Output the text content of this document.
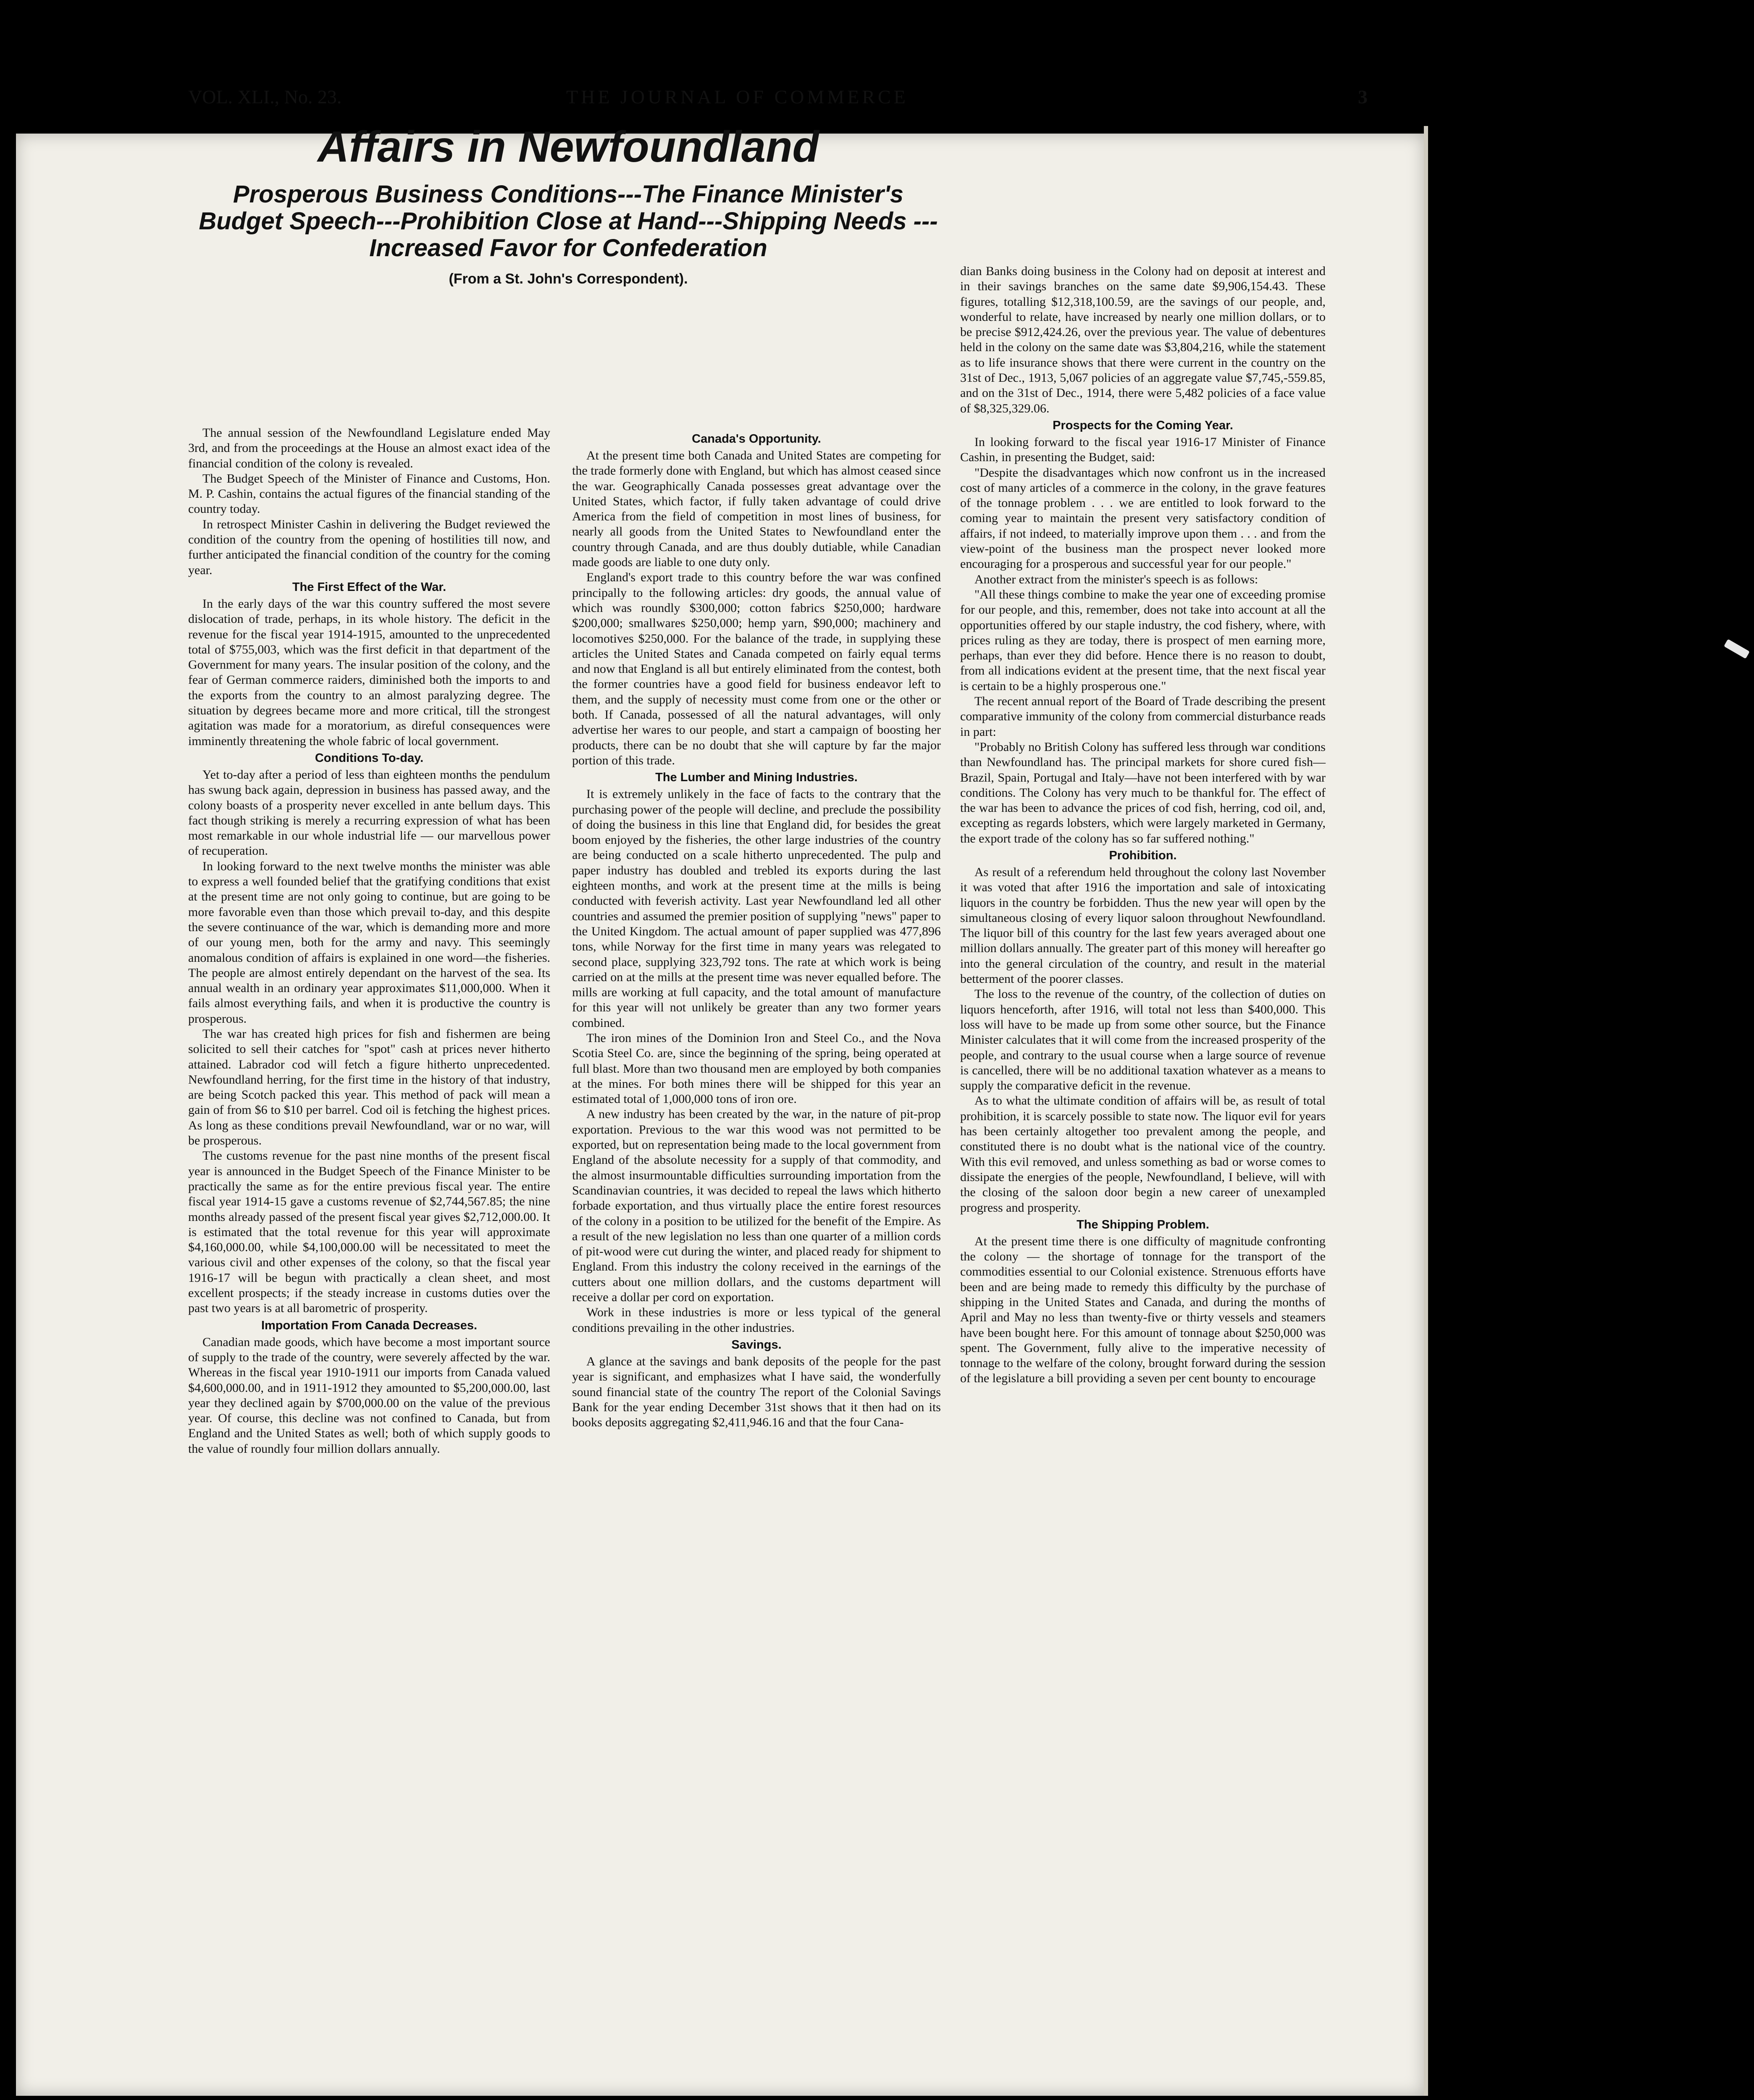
VOL. XLI., No. 23.	THE JOURNAL OF COMMERCE	3
Affairs in Newfoundland
Prosperous Business Conditions---The Finance Minister's Budget Speech---Prohibition Close at Hand---Shipping Needs ---Increased Favor for Confederation
(From a St. John's Correspondent).

The annual session of the Newfoundland Legislature ended May 3rd, and from the proceedings at the House an almost exact idea of the financial condition of the colony is revealed.

The Budget Speech of the Minister of Finance and Customs, Hon. M. P. Cashin, contains the actual figures of the financial standing of the country today.

In retrospect Minister Cashin in delivering the Budget reviewed the condition of the country from the opening of hostilities till now, and further anticipated the financial condition of the country for the coming year.

The First Effect of the War.

In the early days of the war this country suffered the most severe dislocation of trade, perhaps, in its whole history. The deficit in the revenue for the fiscal year 1914-1915, amounted to the unprecedented total of $755,003, which was the first deficit in that department of the Government for many years. The insular position of the colony, and the fear of German commerce raiders, diminished both the imports to and the exports from the country to an almost paralyzing degree. The situation by degrees became more and more critical, till the strongest agitation was made for a moratorium, as direful consequences were imminently threatening the whole fabric of local government.

Conditions To-day.

Yet to-day after a period of less than eighteen months the pendulum has swung back again, depression in business has passed away, and the colony boasts of a prosperity never excelled in ante bellum days. This fact though striking is merely a recurring expression of what has been most remarkable in our whole industrial life — our marvellous power of recuperation.

In looking forward to the next twelve months the minister was able to express a well founded belief that the gratifying conditions that exist at the present time are not only going to continue, but are going to be more favorable even than those which prevail to-day, and this despite the severe continuance of the war, which is demanding more and more of our young men, both for the army and navy. This seemingly anomalous condition of affairs is explained in one word—the fisheries. The people are almost entirely dependant on the harvest of the sea. Its annual wealth in an ordinary year approximates $11,000,000. When it fails almost everything fails, and when it is productive the country is prosperous.

The war has created high prices for fish and fishermen are being solicited to sell their catches for "spot" cash at prices never hitherto attained. Labrador cod will fetch a figure hitherto unprecedented. Newfoundland herring, for the first time in the history of that industry, are being Scotch packed this year. This method of pack will mean a gain of from $6 to $10 per barrel. Cod oil is fetching the highest prices. As long as these conditions prevail Newfoundland, war or no war, will be prosperous.

The customs revenue for the past nine months of the present fiscal year is announced in the Budget Speech of the Finance Minister to be practically the same as for the entire previous fiscal year. The entire fiscal year 1914-15 gave a customs revenue of $2,744,567.85; the nine months already passed of the present fiscal year gives $2,712,000.00. It is estimated that the total revenue for this year will approximate $4,160,000.00, while $4,100,000.00 will be necessitated to meet the various civil and other expenses of the colony, so that the fiscal year 1916-17 will be begun with practically a clean sheet, and most excellent prospects; if the steady increase in customs duties over the past two years is at all barometric of prosperity.

Importation From Canada Decreases.

Canadian made goods, which have become a most important source of supply to the trade of the country, were severely affected by the war. Whereas in the fiscal year 1910-1911 our imports from Canada valued $4,600,000.00, and in 1911-1912 they amounted to $5,200,000.00, last year they declined again by $700,000.00 on the value of the previous year. Of course, this decline was not confined to Canada, but from England and the United States as well; both of which supply goods to the value of roundly four million dollars annually.

Canada's Opportunity.

At the present time both Canada and United States are competing for the trade formerly done with England, but which has almost ceased since the war. Geographically Canada possesses great advantage over the United States, which factor, if fully taken advantage of could drive America from the field of competition in most lines of business, for nearly all goods from the United States to Newfoundland enter the country through Canada, and are thus doubly dutiable, while Canadian made goods are liable to one duty only.

England's export trade to this country before the war was confined principally to the following articles: dry goods, the annual value of which was roundly $300,000; cotton fabrics $250,000; hardware $200,000; smallwares $250,000; hemp yarn, $90,000; machinery and locomotives $250,000. For the balance of the trade, in supplying these articles the United States and Canada competed on fairly equal terms and now that England is all but entirely eliminated from the contest, both the former countries have a good field for business endeavor left to them, and the supply of necessity must come from one or the other or both. If Canada, possessed of all the natural advantages, will only advertise her wares to our people, and start a campaign of boosting her products, there can be no doubt that she will capture by far the major portion of this trade.

The Lumber and Mining Industries.

It is extremely unlikely in the face of facts to the contrary that the purchasing power of the people will decline, and preclude the possibility of doing the business in this line that England did, for besides the great boom enjoyed by the fisheries, the other large industries of the country are being conducted on a scale hitherto unprecedented. The pulp and paper industry has doubled and trebled its exports during the last eighteen months, and work at the present time at the mills is being conducted with feverish activity. Last year Newfoundland led all other countries and assumed the premier position of supplying "news" paper to the United Kingdom. The actual amount of paper supplied was 477,896 tons, while Norway for the first time in many years was relegated to second place, supplying 323,792 tons. The rate at which work is being carried on at the mills at the present time was never equalled before. The mills are working at full capacity, and the total amount of manufacture for this year will not unlikely be greater than any two former years combined.

The iron mines of the Dominion Iron and Steel Co., and the Nova Scotia Steel Co. are, since the beginning of the spring, being operated at full blast. More than two thousand men are employed by both companies at the mines. For both mines there will be shipped for this year an estimated total of 1,000,000 tons of iron ore.

A new industry has been created by the war, in the nature of pit-prop exportation. Previous to the war this wood was not permitted to be exported, but on representation being made to the local government from England of the absolute necessity for a supply of that commodity, and the almost insurmountable difficulties surrounding importation from the Scandinavian countries, it was decided to repeal the laws which hitherto forbade exportation, and thus virtually place the entire forest resources of the colony in a position to be utilized for the benefit of the Empire. As a result of the new legislation no less than one quarter of a million cords of pit-wood were cut during the winter, and placed ready for shipment to England. From this industry the colony received in the earnings of the cutters about one million dollars, and the customs department will receive a dollar per cord on exportation.

Work in these industries is more or less typical of the general conditions prevailing in the other industries.

Savings.

A glance at the savings and bank deposits of the people for the past year is significant, and emphasizes what I have said, the wonderfully sound financial state of the country The report of the Colonial Savings Bank for the year ending December 31st shows that it then had on its books deposits aggregating $2,411,946.16 and that the four Cana-

dian Banks doing business in the Colony had on deposit at interest and in their savings branches on the same date $9,906,154.43. These figures, totalling $12,318,100.59, are the savings of our people, and, wonderful to relate, have increased by nearly one million dollars, or to be precise $912,424.26, over the previous year. The value of debentures held in the colony on the same date was $3,804,216, while the statement as to life insurance shows that there were current in the country on the 31st of Dec., 1913, 5,067 policies of an aggregate value $7,745,-559.85, and on the 31st of Dec., 1914, there were 5,482 policies of a face value of $8,325,329.06.

Prospects for the Coming Year.

In looking forward to the fiscal year 1916-17 Minister of Finance Cashin, in presenting the Budget, said:

"Despite the disadvantages which now confront us in the increased cost of many articles of a commerce in the colony, in the grave features of the tonnage problem . . . we are entitled to look forward to the coming year to maintain the present very satisfactory condition of affairs, if not indeed, to materially improve upon them . . . and from the view-point of the business man the prospect never looked more encouraging for a prosperous and successful year for our people."

Another extract from the minister's speech is as follows:

"All these things combine to make the year one of exceeding promise for our people, and this, remember, does not take into account at all the opportunities offered by our staple industry, the cod fishery, where, with prices ruling as they are today, there is prospect of men earning more, perhaps, than ever they did before. Hence there is no reason to doubt, from all indications evident at the present time, that the next fiscal year is certain to be a highly prosperous one."

The recent annual report of the Board of Trade describing the present comparative immunity of the colony from commercial disturbance reads in part:

"Probably no British Colony has suffered less through war conditions than Newfoundland has. The principal markets for shore cured fish—Brazil, Spain, Portugal and Italy—have not been interfered with by war conditions. The Colony has very much to be thankful for. The effect of the war has been to advance the prices of cod fish, herring, cod oil, and, excepting as regards lobsters, which were largely marketed in Germany, the export trade of the colony has so far suffered nothing."

Prohibition.

As result of a referendum held throughout the colony last November it was voted that after 1916 the importation and sale of intoxicating liquors in the country be forbidden. Thus the new year will open by the simultaneous closing of every liquor saloon throughout Newfoundland. The liquor bill of this country for the last few years averaged about one million dollars annually. The greater part of this money will hereafter go into the general circulation of the country, and result in the material betterment of the poorer classes.

The loss to the revenue of the country, of the collection of duties on liquors henceforth, after 1916, will total not less than $400,000. This loss will have to be made up from some other source, but the Finance Minister calculates that it will come from the increased prosperity of the people, and contrary to the usual course when a large source of revenue is cancelled, there will be no additional taxation whatever as a means to supply the comparative deficit in the revenue.

As to what the ultimate condition of affairs will be, as result of total prohibition, it is scarcely possible to state now. The liquor evil for years has been certainly altogether too prevalent among the people, and constituted there is no doubt what is the national vice of the country. With this evil removed, and unless something as bad or worse comes to dissipate the energies of the people, Newfoundland, I believe, will with the closing of the saloon door begin a new career of unexampled progress and prosperity.

The Shipping Problem.

At the present time there is one difficulty of magnitude confronting the colony — the shortage of tonnage for the transport of the commodities essential to our Colonial existence. Strenuous efforts have been and are being made to remedy this difficulty by the purchase of shipping in the United States and Canada, and during the months of April and May no less than twenty-five or thirty vessels and steamers have been bought here. For this amount of tonnage about $250,000 was spent. The Government, fully alive to the imperative necessity of tonnage to the welfare of the colony, brought forward during the session of the legislature a bill providing a seven per cent bounty to encourage
